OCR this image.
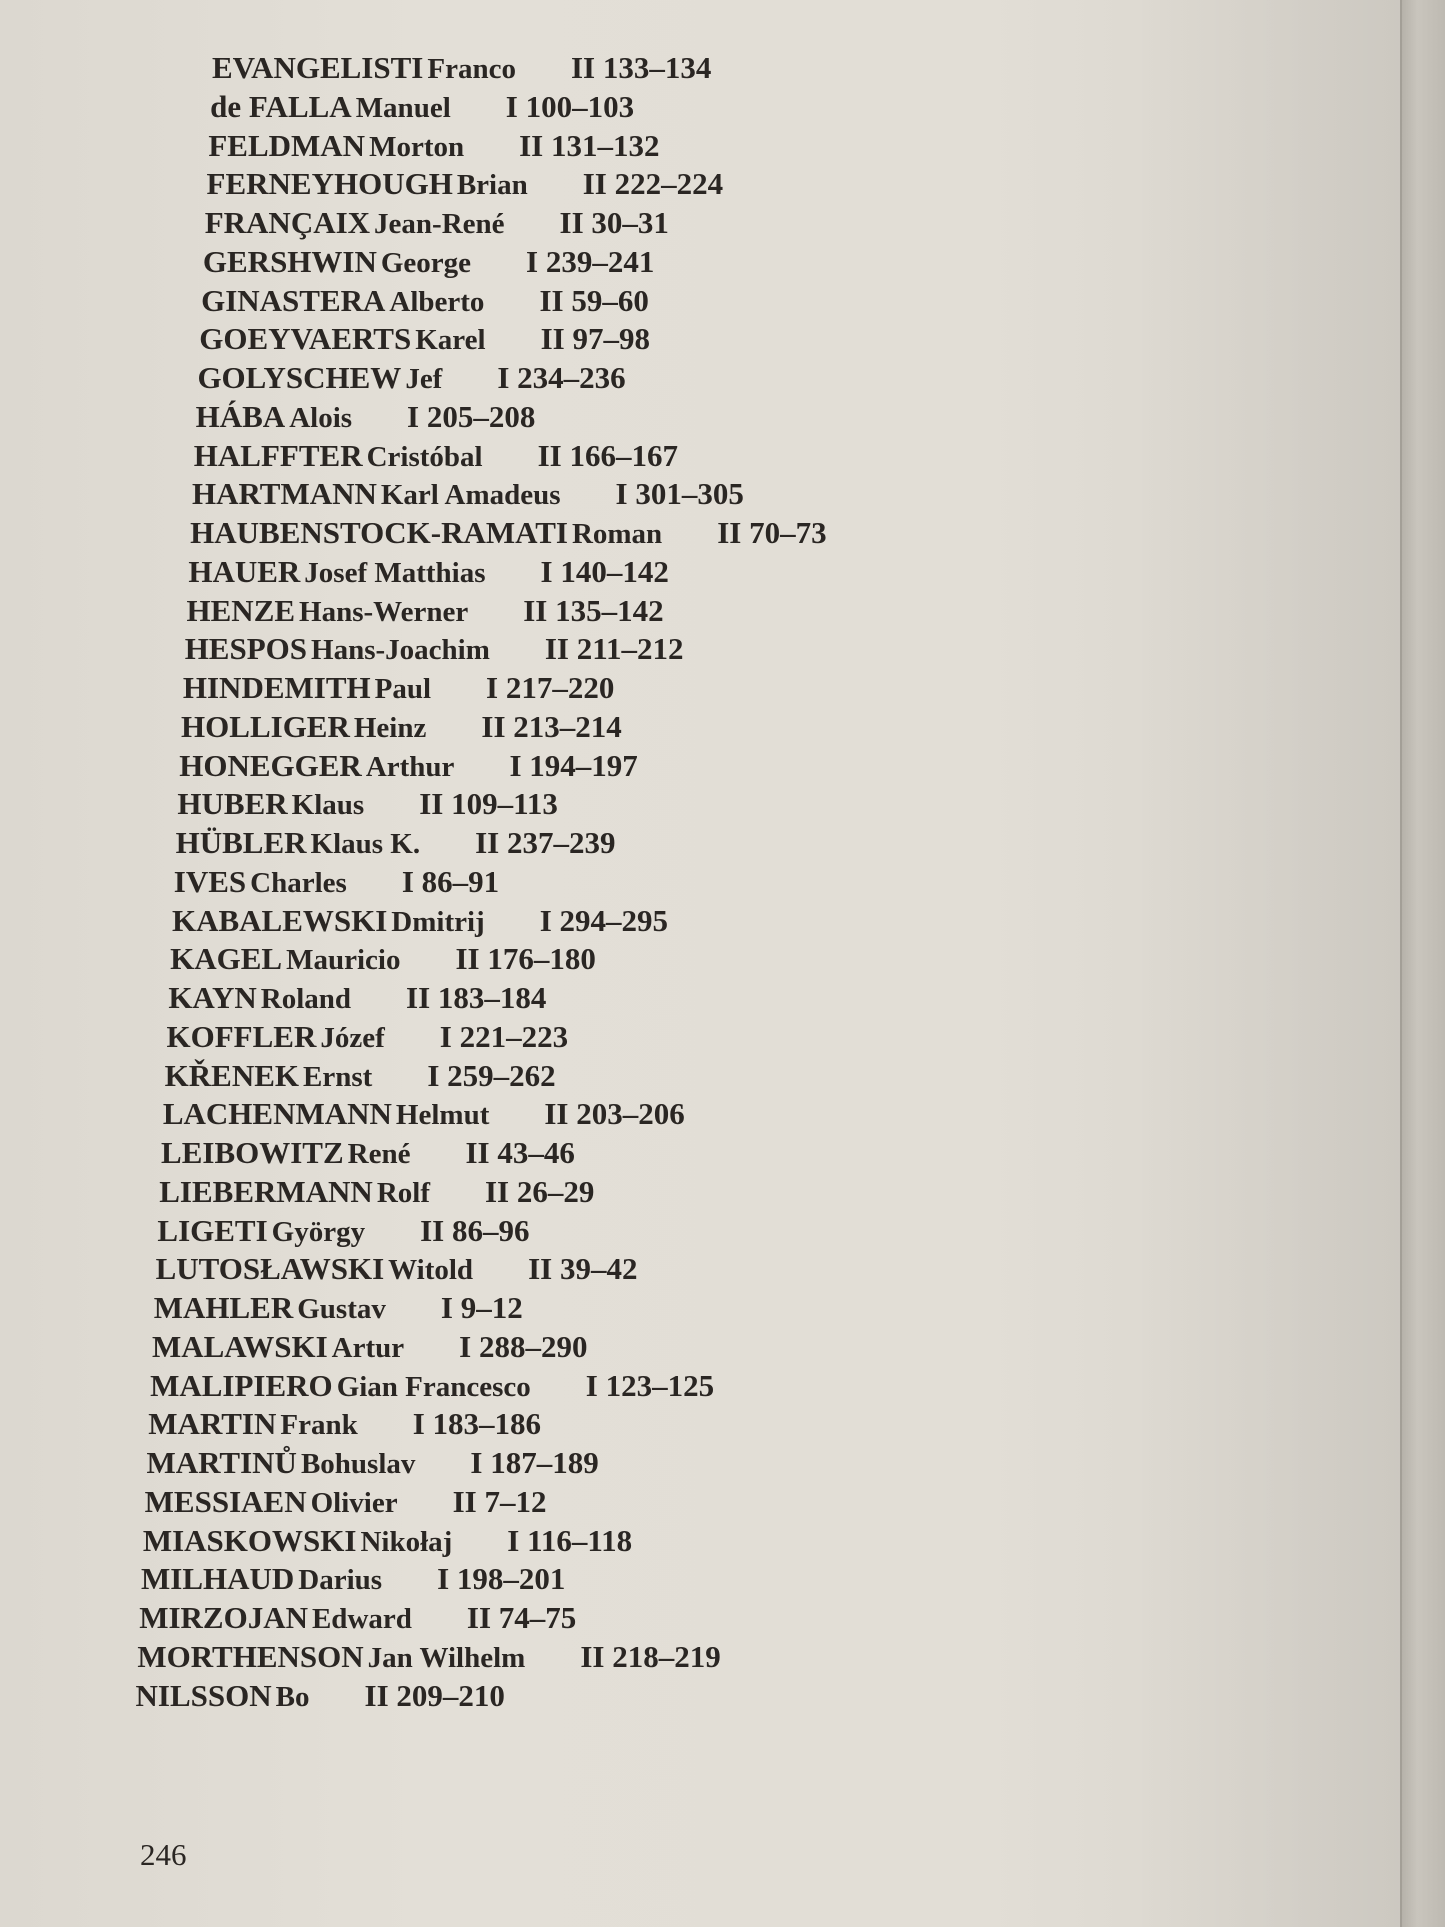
EVANGELISTI Franco II 133–134
de FALLA Manuel I 100–103
FELDMAN Morton II 131–132
FERNEYHOUGH Brian II 222–224
FRANÇAIX Jean-René II 30–31
GERSHWIN George I 239–241
GINASTERA Alberto II 59–60
GOEYVAERTS Karel II 97–98
GOLYSCHEW Jef I 234–236
HÁBA Alois I 205–208
HALFFTER Cristóbal II 166–167
HARTMANN Karl Amadeus I 301–305
HAUBENSTOCK-RAMATI Roman II 70–73
HAUER Josef Matthias I 140–142
HENZE Hans-Werner II 135–142
HESPOS Hans-Joachim II 211–212
HINDEMITH Paul I 217–220
HOLLIGER Heinz II 213–214
HONEGGER Arthur I 194–197
HUBER Klaus II 109–113
HÜBLER Klaus K. II 237–239
IVES Charles I 86–91
KABALEWSKI Dmitrij I 294–295
KAGEL Mauricio II 176–180
KAYN Roland II 183–184
KOFFLER Józef I 221–223
KŘENEK Ernst I 259–262
LACHENMANN Helmut II 203–206
LEIBOWITZ René II 43–46
LIEBERMANN Rolf II 26–29
LIGETI György II 86–96
LUTOSŁAWSKI Witold II 39–42
MAHLER Gustav I 9–12
MALAWSKI Artur I 288–290
MALIPIERO Gian Francesco I 123–125
MARTIN Frank I 183–186
MARTINŮ Bohuslav I 187–189
MESSIAEN Olivier II 7–12
MIASKOWSKI Nikołaj I 116–118
MILHAUD Darius I 198–201
MIRZOJAN Edward II 74–75
MORTHENSON Jan Wilhelm II 218–219
NILSSON Bo II 209–210
246
